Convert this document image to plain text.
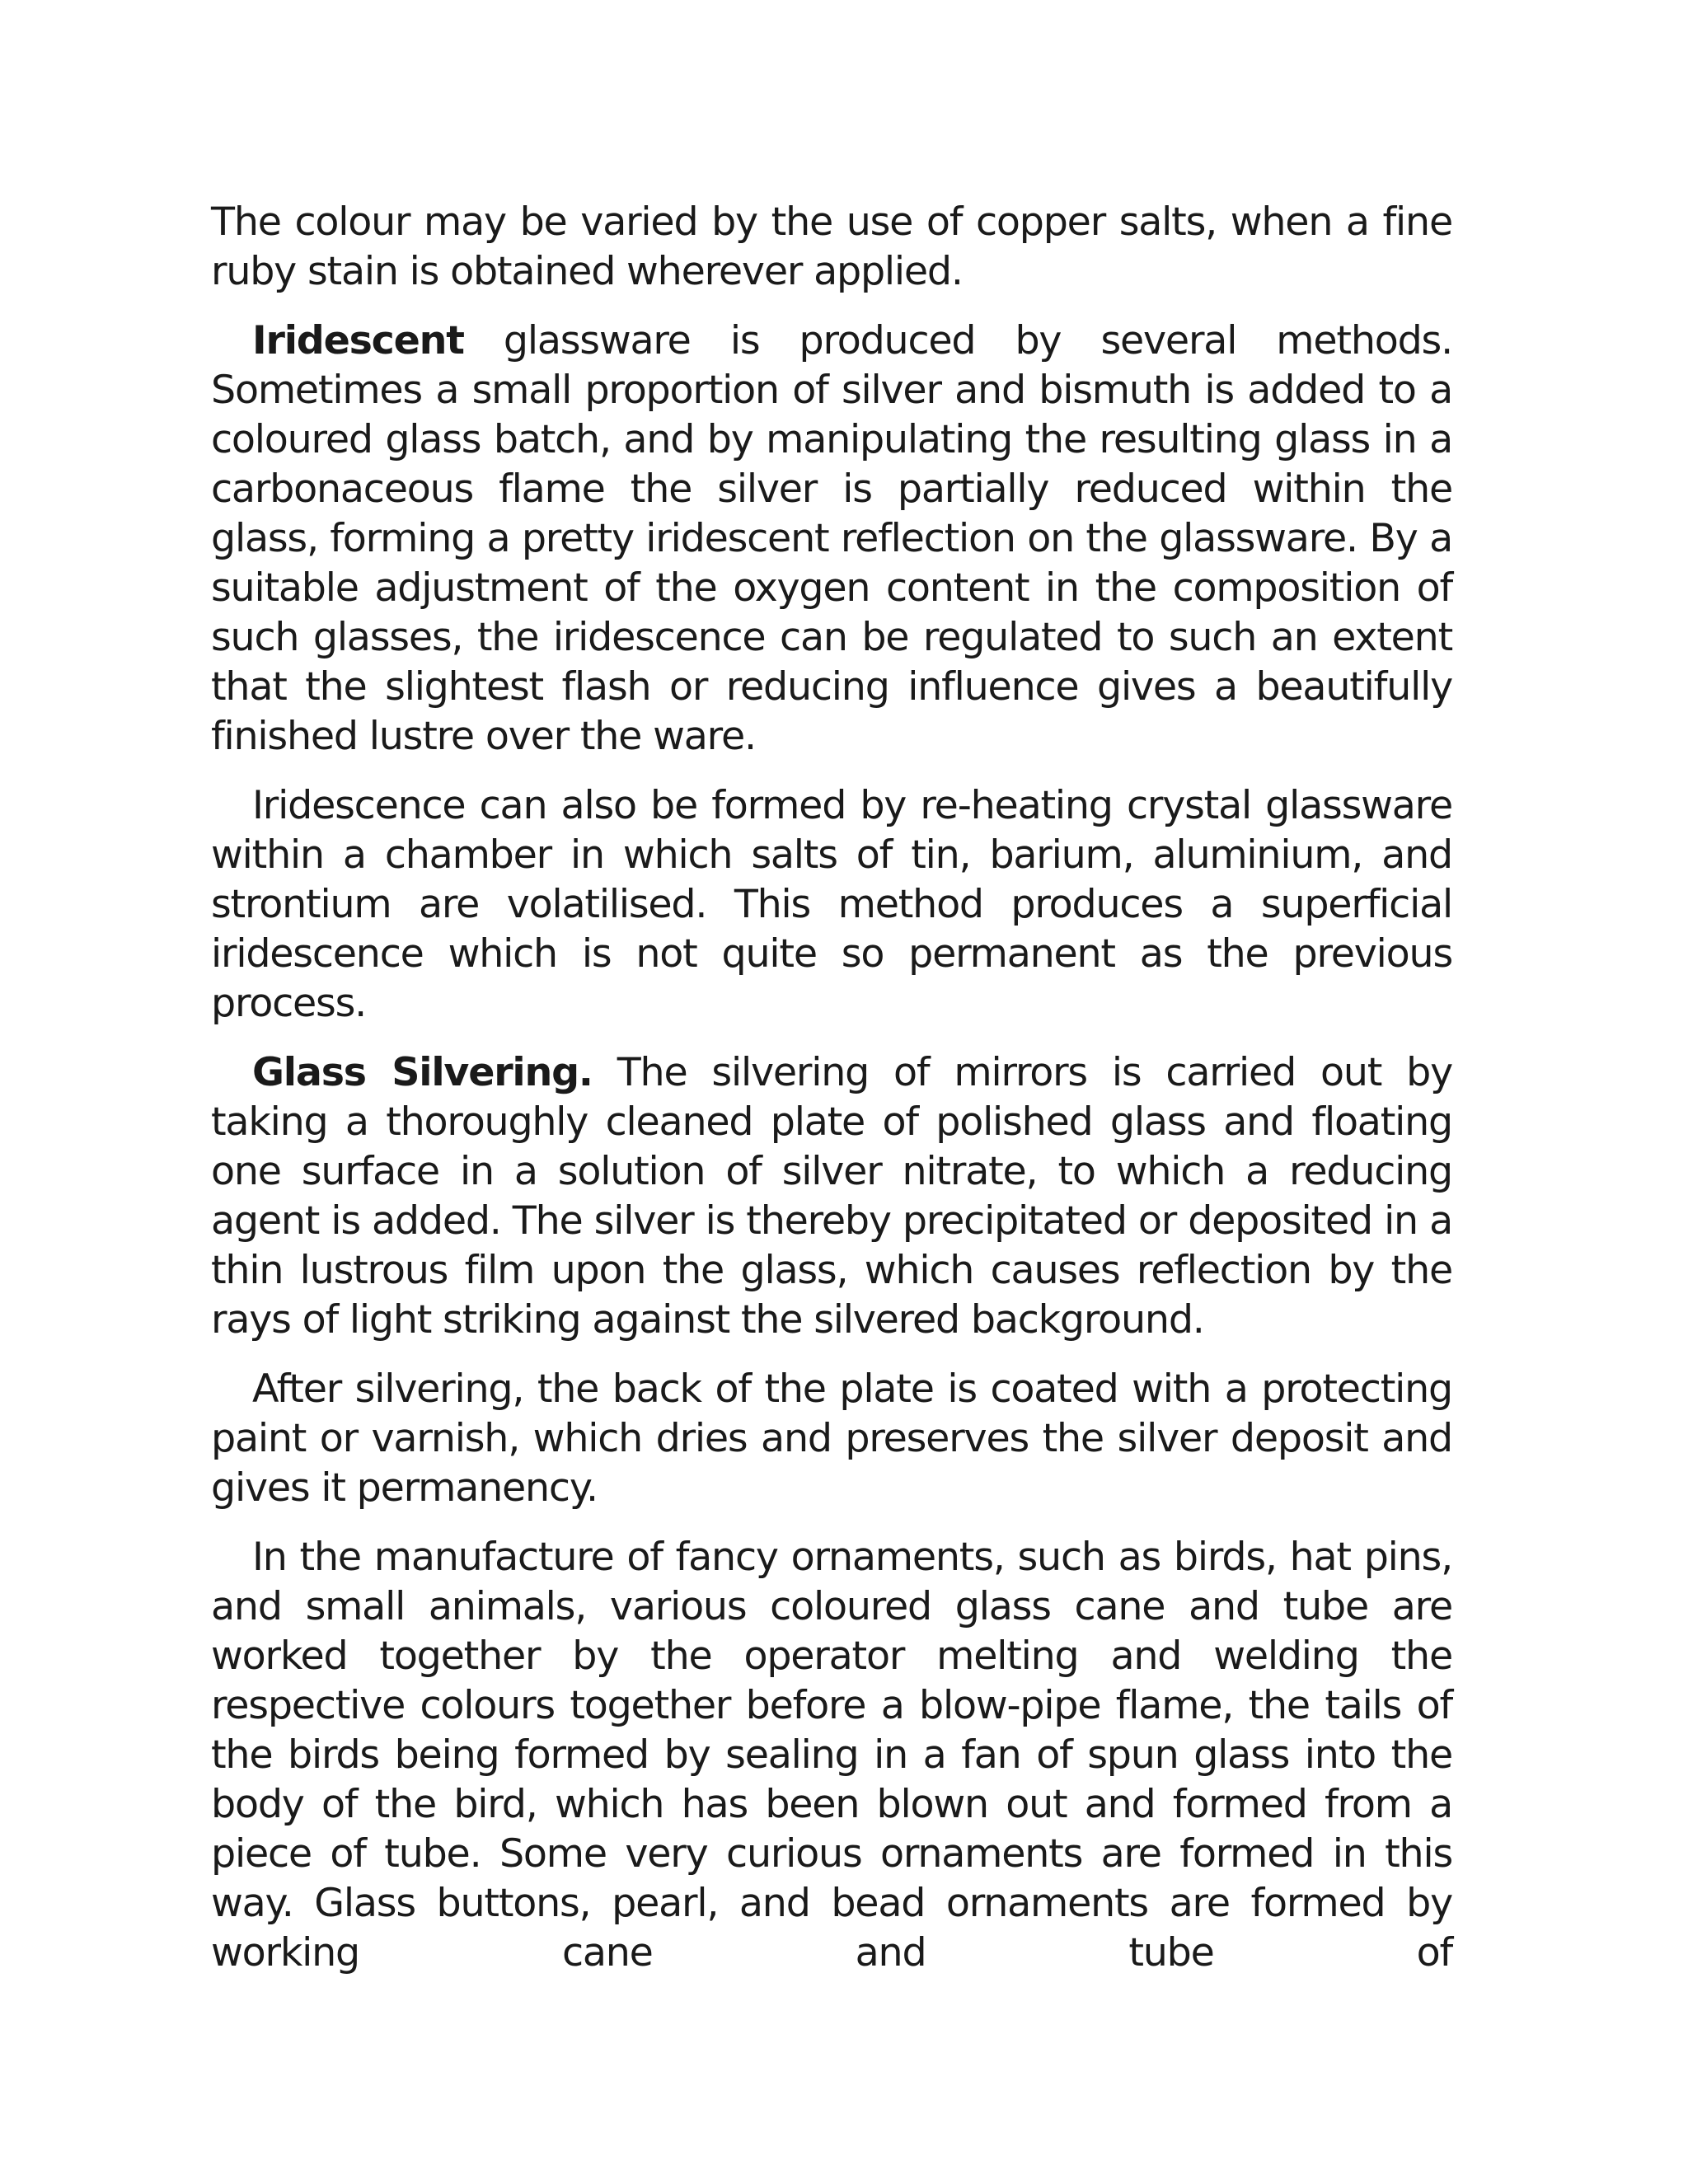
The colour may be varied by the use of copper salts, when a fine ruby stain is obtained wherever applied.

Iridescent glassware is produced by several methods. Sometimes a small proportion of silver and bismuth is added to a coloured glass batch, and by manipulating the resulting glass in a carbonaceous flame the silver is partially reduced within the glass, forming a pretty iridescent reflection on the glassware. By a suitable adjustment of the oxygen content in the composition of such glasses, the iridescence can be regulated to such an extent that the slightest flash or reducing influence gives a beautifully finished lustre over the ware.

Iridescence can also be formed by re-heating crystal glassware within a chamber in which salts of tin, barium, aluminium, and strontium are volatilised. This method produces a superficial iridescence which is not quite so permanent as the previous process.

Glass Silvering. The silvering of mirrors is carried out by taking a thoroughly cleaned plate of polished glass and floating one surface in a solution of silver nitrate, to which a reducing agent is added. The silver is thereby precipitated or deposited in a thin lustrous film upon the glass, which causes reflection by the rays of light striking against the silvered background.

After silvering, the back of the plate is coated with a protecting paint or varnish, which dries and preserves the silver deposit and gives it permanency.

In the manufacture of fancy ornaments, such as birds, hat pins, and small animals, various coloured glass cane and tube are worked together by the operator melting and welding the respective colours together before a blow-pipe flame, the tails of the birds being formed by sealing in a fan of spun glass into the body of the bird, which has been blown out and formed from a piece of tube. Some very curious ornaments are formed in this way. Glass buttons, pearl, and bead ornaments are formed by working cane and tube of
